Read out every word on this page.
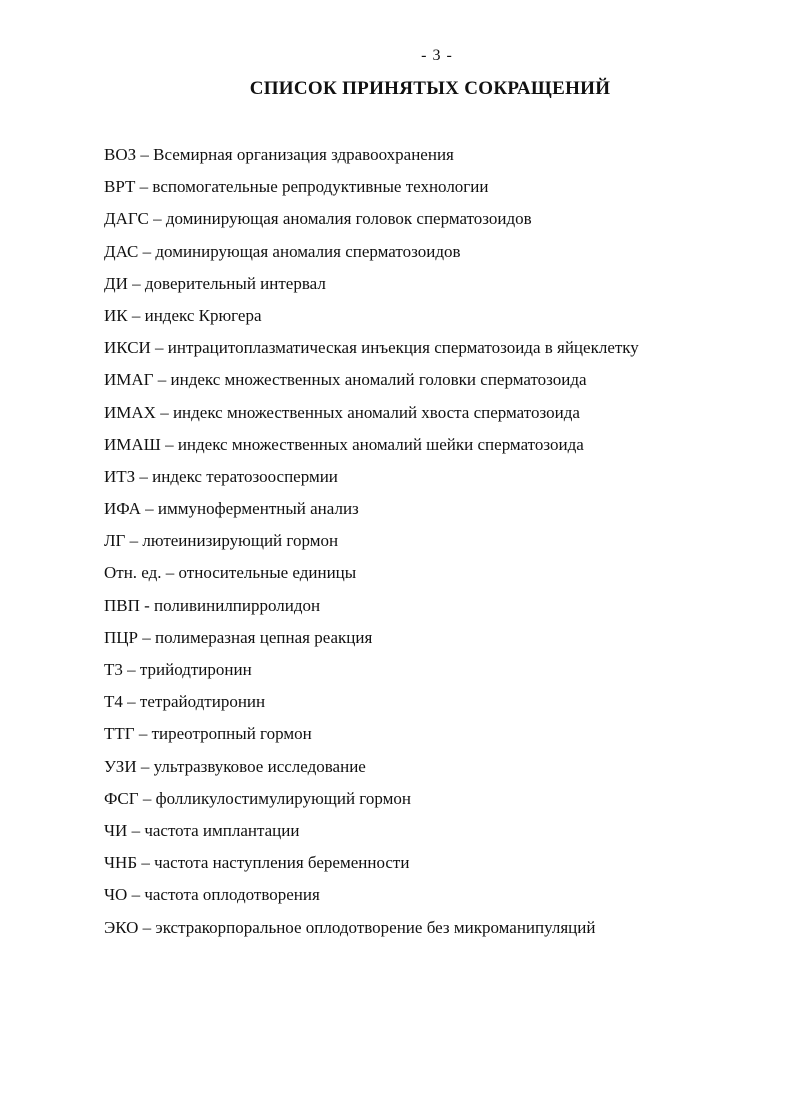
- 3 -
СПИСОК ПРИНЯТЫХ СОКРАЩЕНИЙ
ВОЗ – Всемирная организация здравоохранения
ВРТ – вспомогательные репродуктивные технологии
ДАГС – доминирующая аномалия головок сперматозоидов
ДАС – доминирующая аномалия сперматозоидов
ДИ – доверительный интервал
ИК – индекс Крюгера
ИКСИ – интрацитоплазматическая инъекция сперматозоида в яйцеклетку
ИМАГ – индекс множественных аномалий головки сперматозоида
ИМАХ – индекс множественных аномалий хвоста сперматозоида
ИМАШ – индекс множественных аномалий шейки сперматозоида
ИТЗ – индекс тератозооспермии
ИФА – иммуноферментный анализ
ЛГ – лютеинизирующий гормон
Отн. ед. – относительные единицы
ПВП - поливинилпирролидон
ПЦР – полимеразная цепная реакция
Т3 – трийодтиронин
Т4 – тетрайодтиронин
ТТГ – тиреотропный гормон
УЗИ – ультразвуковое исследование
ФСГ – фолликулостимулирующий гормон
ЧИ – частота имплантации
ЧНБ – частота наступления беременности
ЧО – частота оплодотворения
ЭКО – экстракорпоральное оплодотворение без микроманипуляций
